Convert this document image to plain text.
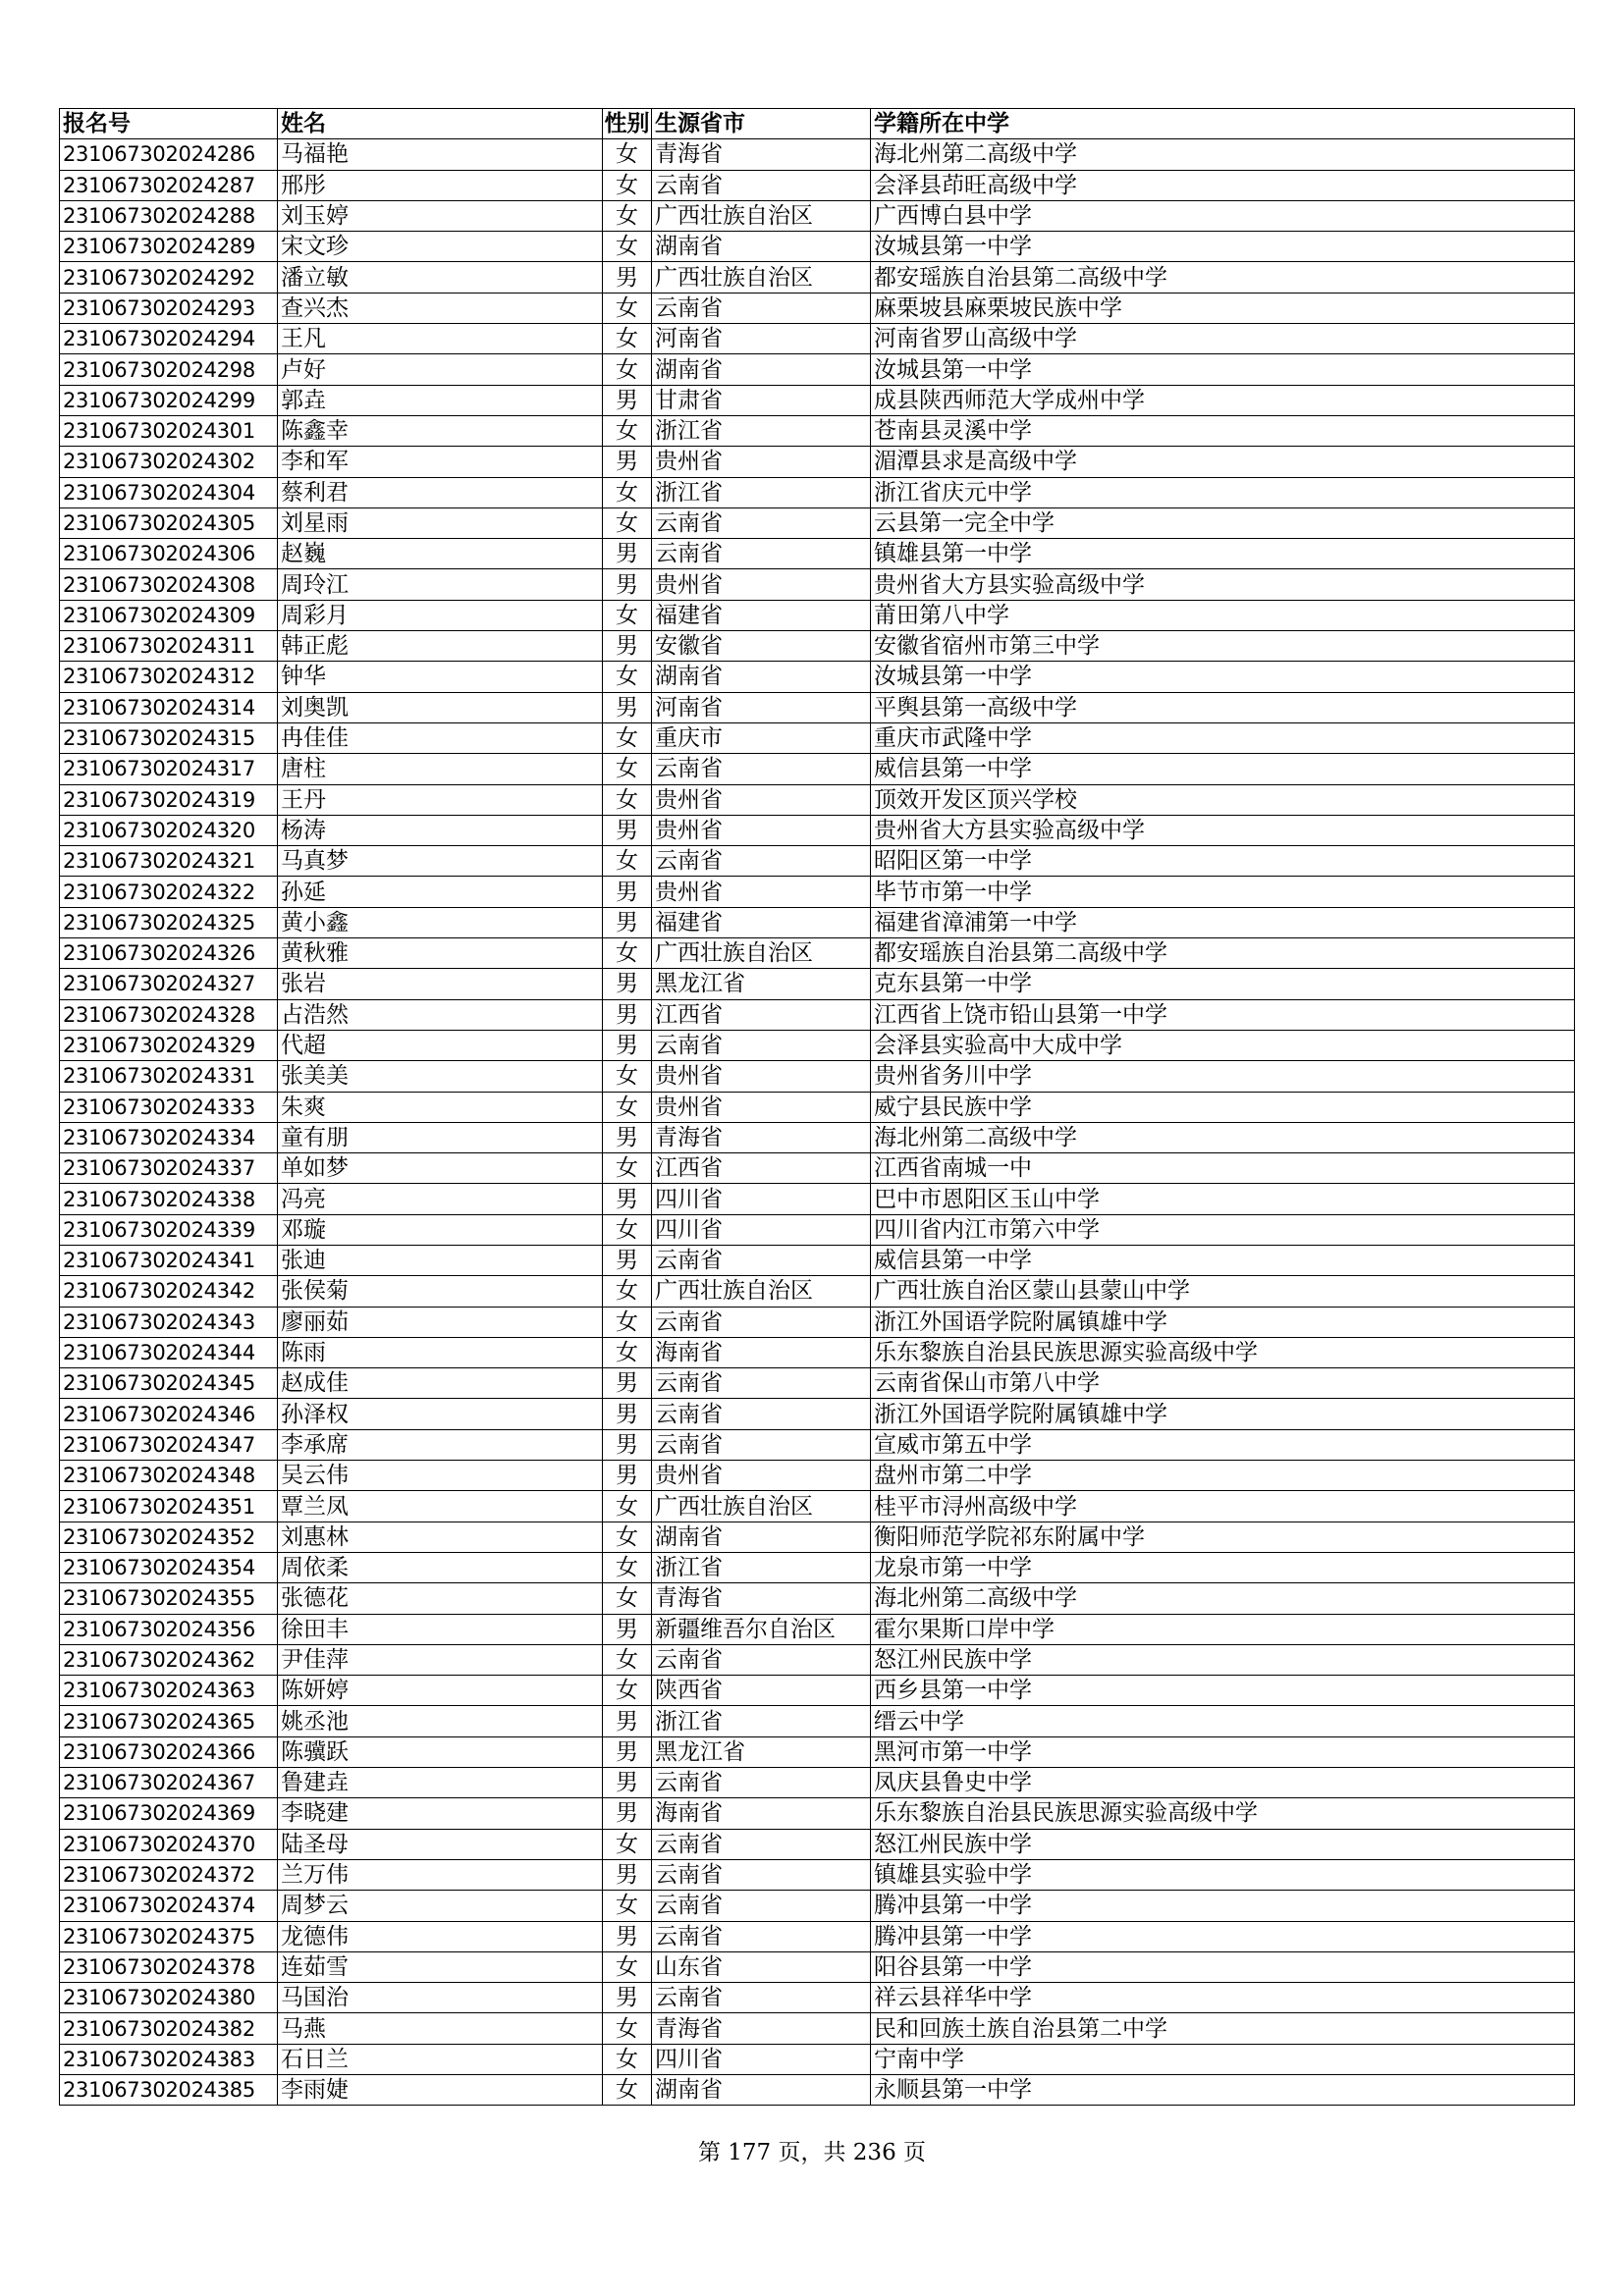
报名号	姓名	性别	生源省市	学籍所在中学
231067302024286	马福艳	女	青海省	海北州第二高级中学
231067302024287	邢彤	女	云南省	会泽县茚旺高级中学
231067302024288	刘玉婷	女	广西壮族自治区	广西博白县中学
231067302024289	宋文珍	女	湖南省	汝城县第一中学
231067302024292	潘立敏	男	广西壮族自治区	都安瑶族自治县第二高级中学
231067302024293	查兴杰	女	云南省	麻栗坡县麻栗坡民族中学
231067302024294	王凡	女	河南省	河南省罗山高级中学
231067302024298	卢好	女	湖南省	汝城县第一中学
231067302024299	郭垚	男	甘肃省	成县陕西师范大学成州中学
231067302024301	陈鑫幸	女	浙江省	苍南县灵溪中学
231067302024302	李和军	男	贵州省	湄潭县求是高级中学
231067302024304	蔡利君	女	浙江省	浙江省庆元中学
231067302024305	刘星雨	女	云南省	云县第一完全中学
231067302024306	赵巍	男	云南省	镇雄县第一中学
231067302024308	周玲江	男	贵州省	贵州省大方县实验高级中学
231067302024309	周彩月	女	福建省	莆田第八中学
231067302024311	韩正彪	男	安徽省	安徽省宿州市第三中学
231067302024312	钟华	女	湖南省	汝城县第一中学
231067302024314	刘奥凯	男	河南省	平舆县第一高级中学
231067302024315	冉佳佳	女	重庆市	重庆市武隆中学
231067302024317	唐柱	女	云南省	威信县第一中学
231067302024319	王丹	女	贵州省	顶效开发区顶兴学校
231067302024320	杨涛	男	贵州省	贵州省大方县实验高级中学
231067302024321	马真梦	女	云南省	昭阳区第一中学
231067302024322	孙延	男	贵州省	毕节市第一中学
231067302024325	黄小鑫	男	福建省	福建省漳浦第一中学
231067302024326	黄秋雅	女	广西壮族自治区	都安瑶族自治县第二高级中学
231067302024327	张岩	男	黑龙江省	克东县第一中学
231067302024328	占浩然	男	江西省	江西省上饶市铅山县第一中学
231067302024329	代超	男	云南省	会泽县实验高中大成中学
231067302024331	张美美	女	贵州省	贵州省务川中学
231067302024333	朱爽	女	贵州省	威宁县民族中学
231067302024334	童有朋	男	青海省	海北州第二高级中学
231067302024337	单如梦	女	江西省	江西省南城一中
231067302024338	冯亮	男	四川省	巴中市恩阳区玉山中学
231067302024339	邓璇	女	四川省	四川省内江市第六中学
231067302024341	张迪	男	云南省	威信县第一中学
231067302024342	张侯菊	女	广西壮族自治区	广西壮族自治区蒙山县蒙山中学
231067302024343	廖丽茹	女	云南省	浙江外国语学院附属镇雄中学
231067302024344	陈雨	女	海南省	乐东黎族自治县民族思源实验高级中学
231067302024345	赵成佳	男	云南省	云南省保山市第八中学
231067302024346	孙泽权	男	云南省	浙江外国语学院附属镇雄中学
231067302024347	李承席	男	云南省	宣威市第五中学
231067302024348	吴云伟	男	贵州省	盘州市第二中学
231067302024351	覃兰凤	女	广西壮族自治区	桂平市浔州高级中学
231067302024352	刘惠林	女	湖南省	衡阳师范学院祁东附属中学
231067302024354	周依柔	女	浙江省	龙泉市第一中学
231067302024355	张德花	女	青海省	海北州第二高级中学
231067302024356	徐田丰	男	新疆维吾尔自治区	霍尔果斯口岸中学
231067302024362	尹佳萍	女	云南省	怒江州民族中学
231067302024363	陈妍婷	女	陕西省	西乡县第一中学
231067302024365	姚丞池	男	浙江省	缙云中学
231067302024366	陈骥跃	男	黑龙江省	黑河市第一中学
231067302024367	鲁建垚	男	云南省	凤庆县鲁史中学
231067302024369	李晓建	男	海南省	乐东黎族自治县民族思源实验高级中学
231067302024370	陆圣母	女	云南省	怒江州民族中学
231067302024372	兰万伟	男	云南省	镇雄县实验中学
231067302024374	周梦云	女	云南省	腾冲县第一中学
231067302024375	龙德伟	男	云南省	腾冲县第一中学
231067302024378	连茹雪	女	山东省	阳谷县第一中学
231067302024380	马国治	男	云南省	祥云县祥华中学
231067302024382	马燕	女	青海省	民和回族土族自治县第二中学
231067302024383	石日兰	女	四川省	宁南中学
231067302024385	李雨婕	女	湖南省	永顺县第一中学
第 177 页，共 236 页
